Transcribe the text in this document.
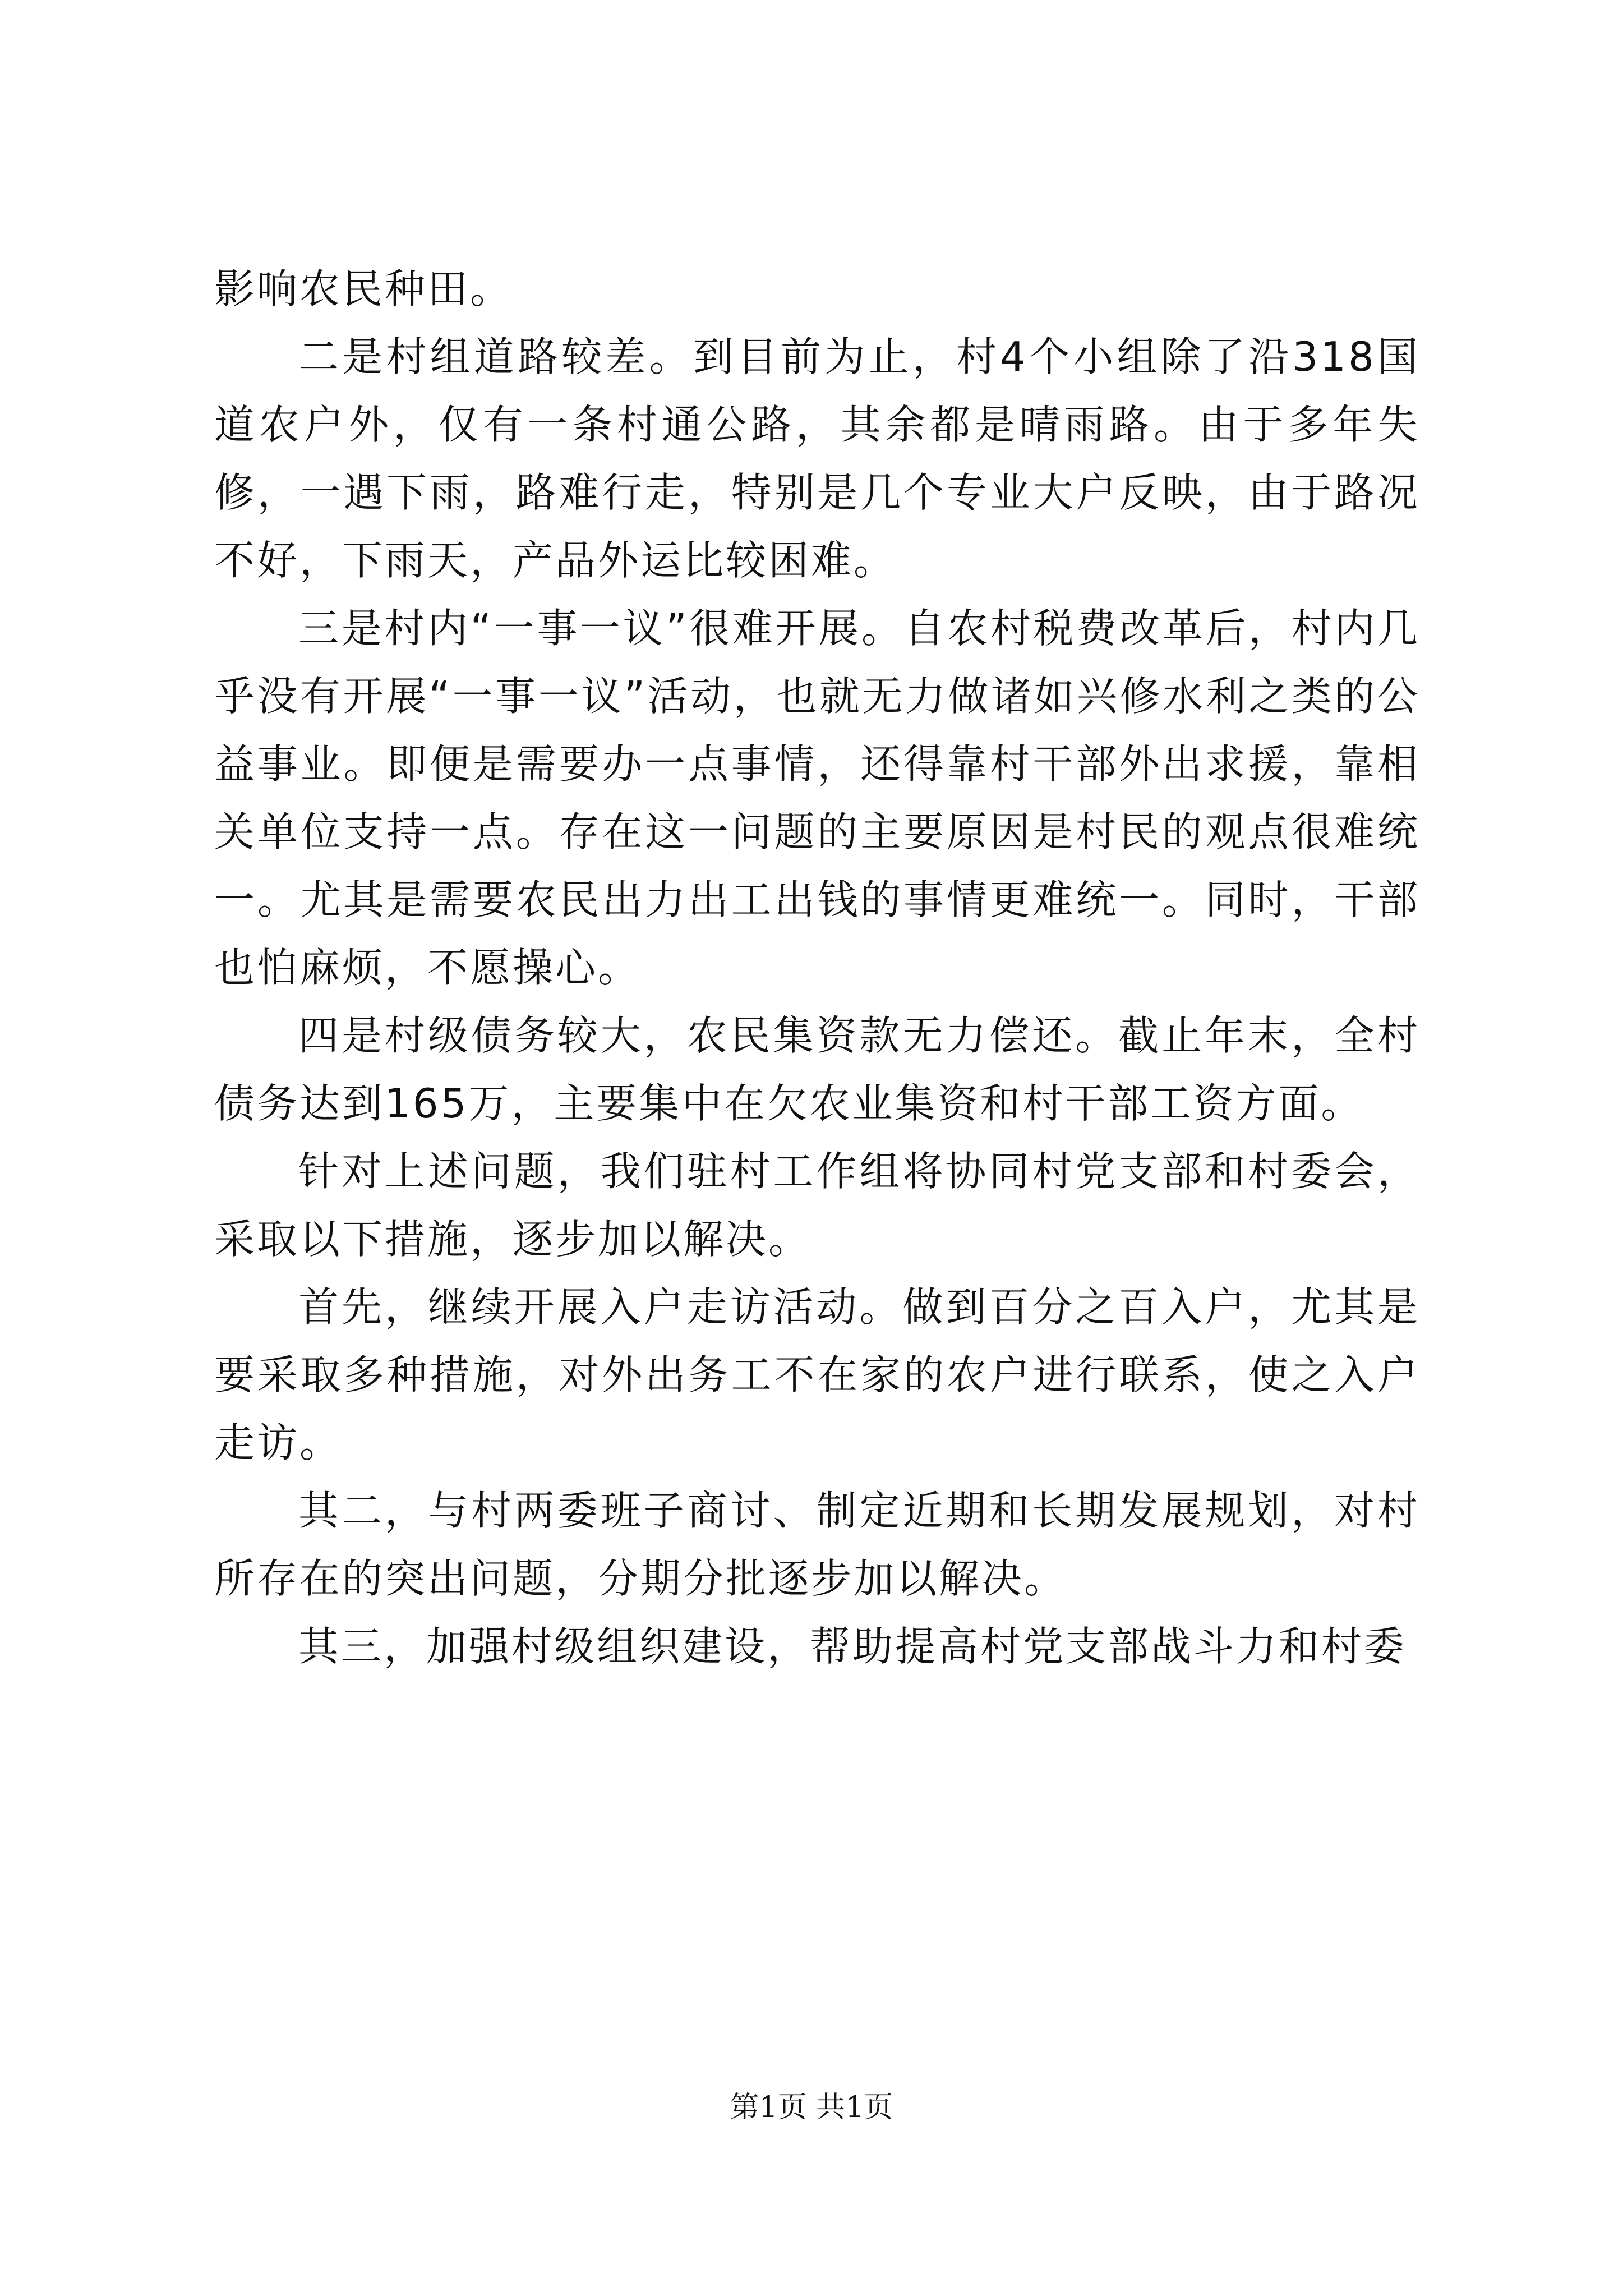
影响农民种田。

二是村组道路较差。到目前为止，村4个小组除了沿318国道农户外，仅有一条村通公路，其余都是晴雨路。由于多年失修，一遇下雨，路难行走，特别是几个专业大户反映，由于路况不好，下雨天，产品外运比较困难。

三是村内“一事一议”很难开展。自农村税费改革后，村内几乎没有开展“一事一议”活动，也就无力做诸如兴修水利之类的公益事业。即便是需要办一点事情，还得靠村干部外出求援，靠相关单位支持一点。存在这一问题的主要原因是村民的观点很难统一。尤其是需要农民出力出工出钱的事情更难统一。同时，干部也怕麻烦，不愿操心。

四是村级债务较大，农民集资款无力偿还。截止年末，全村债务达到165万，主要集中在欠农业集资和村干部工资方面。

针对上述问题，我们驻村工作组将协同村党支部和村委会，采取以下措施，逐步加以解决。

首先，继续开展入户走访活动。做到百分之百入户，尤其是要采取多种措施，对外出务工不在家的农户进行联系，使之入户走访。

其二，与村两委班子商讨、制定近期和长期发展规划，对村所存在的突出问题，分期分批逐步加以解决。

其三，加强村级组织建设，帮助提高村党支部战斗力和村委

第1页 共1页
